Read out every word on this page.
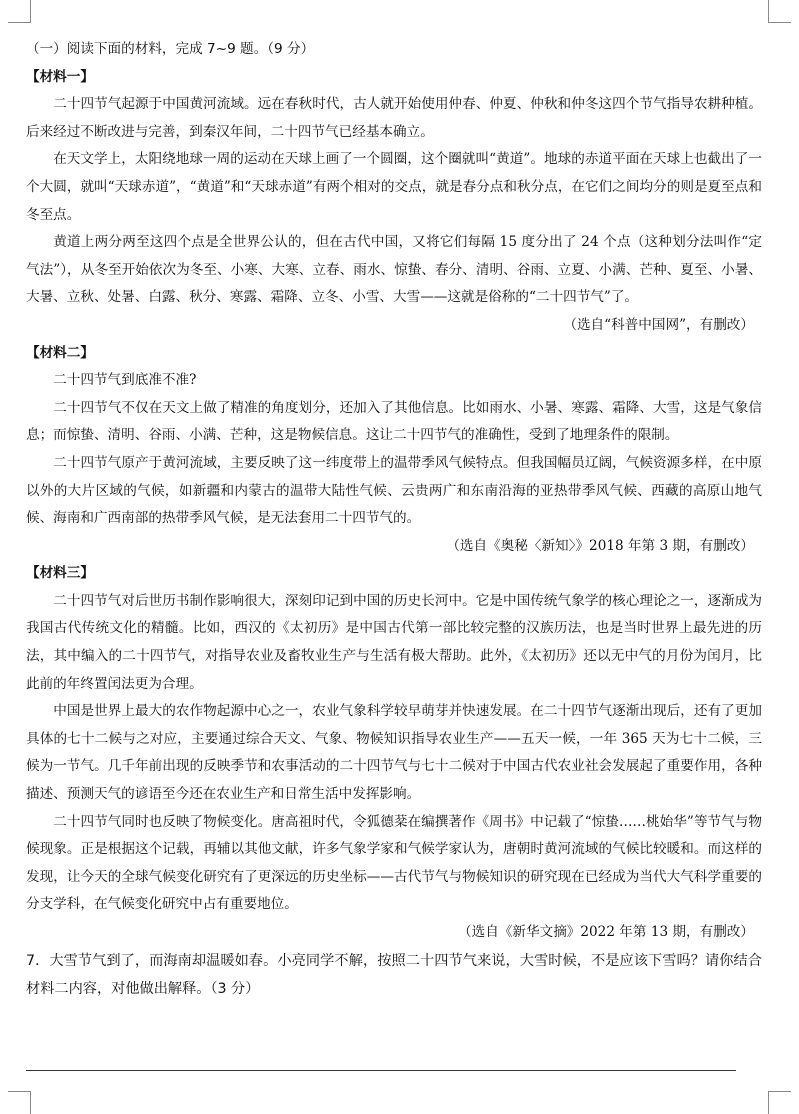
（一）阅读下面的材料，完成 7~9 题。（9 分）

【材料一】

二十四节气起源于中国黄河流域。远在春秋时代，古人就开始使用仲春、仲夏、仲秋和仲冬这四个节气指导农耕种植。后来经过不断改进与完善，到秦汉年间，二十四节气已经基本确立。

在天文学上，太阳绕地球一周的运动在天球上画了一个圆圈，这个圈就叫“黄道”。地球的赤道平面在天球上也截出了一个大圆，就叫“天球赤道”，“黄道”和“天球赤道”有两个相对的交点，就是春分点和秋分点，在它们之间均分的则是夏至点和冬至点。

黄道上两分两至这四个点是全世界公认的，但在古代中国，又将它们每隔 15 度分出了 24 个点（这种划分法叫作“定气法”），从冬至开始依次为冬至、小寒、大寒、立春、雨水、惊蛰、春分、清明、谷雨、立夏、小满、芒种、夏至、小暑、大暑、立秋、处暑、白露、秋分、寒露、霜降、立冬、小雪、大雪——这就是俗称的“二十四节气”了。

（选自“科普中国网”，有删改）

【材料二】

二十四节气到底准不准?

二十四节气不仅在天文上做了精准的角度划分，还加入了其他信息。比如雨水、小暑、寒露、霜降、大雪，这是气象信息；而惊蛰、清明、谷雨、小满、芒种，这是物候信息。这让二十四节气的准确性，受到了地理条件的限制。

二十四节气原产于黄河流域，主要反映了这一纬度带上的温带季风气候特点。但我国幅员辽阔，气候资源多样，在中原以外的大片区域的气候，如新疆和内蒙古的温带大陆性气候、云贵两广和东南沿海的亚热带季风气候、西藏的高原山地气候、海南和广西南部的热带季风气候，是无法套用二十四节气的。

（选自《奥秘〈新知〉》2018 年第 3 期，有删改）

【材料三】

二十四节气对后世历书制作影响很大，深刻印记到中国的历史长河中。它是中国传统气象学的核心理论之一，逐渐成为我国古代传统文化的精髓。比如，西汉的《太初历》是中国古代第一部比较完整的汉族历法，也是当时世界上最先进的历法，其中编入的二十四节气，对指导农业及畜牧业生产与生活有极大帮助。此外，《太初历》还以无中气的月份为闰月，比此前的年终置闰法更为合理。

中国是世界上最大的农作物起源中心之一，农业气象科学较早萌芽并快速发展。在二十四节气逐渐出现后，还有了更加具体的七十二候与之对应，主要通过综合天文、气象、物候知识指导农业生产——五天一候，一年 365 天为七十二候，三候为一节气。几千年前出现的反映季节和农事活动的二十四节气与七十二候对于中国古代农业社会发展起了重要作用，各种描述、预测天气的谚语至今还在农业生产和日常生活中发挥影响。

二十四节气同时也反映了物候变化。唐高祖时代，令狐德棻在编撰著作《周书》中记载了“惊蛰……桃始华”等节气与物候现象。正是根据这个记载，再辅以其他文献，许多气象学家和气候学家认为，唐朝时黄河流域的气候比较暖和。而这样的发现，让今天的全球气候变化研究有了更深远的历史坐标——古代节气与物候知识的研究现在已经成为当代大气科学重要的分支学科，在气候变化研究中占有重要地位。

（选自《新华文摘》2022 年第 13 期，有删改）

7．大雪节气到了，而海南却温暖如春。小亮同学不解，按照二十四节气来说，大雪时候，不是应该下雪吗？请你结合材料二内容，对他做出解释。（3 分）
